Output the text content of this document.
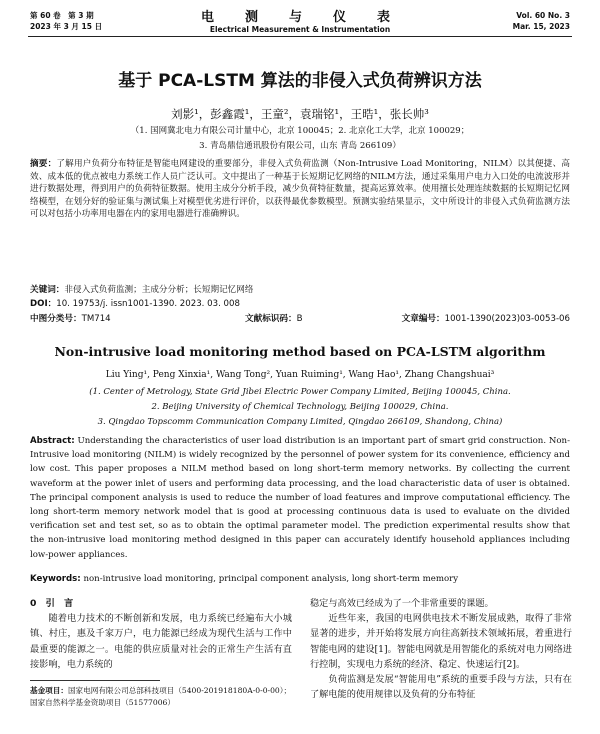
第 60 卷　第 3 期
2023 年 3 月 15 日
电　测　与　仪　表
Electrical Measurement & Instrumentation
Vol. 60 No. 3
Mar. 15, 2023
基于 PCA-LSTM 算法的非侵入式负荷辨识方法
刘影¹，彭鑫霞¹，王童²，袁瑞铭¹，王晧¹，张长帅³
（1. 国网冀北电力有限公司计量中心，北京 100045；2. 北京化工大学，北京 100029；
3. 青岛鼎信通讯股份有限公司，山东 青岛 266109）
摘要：了解用户负荷分布特征是智能电网建设的重要部分，非侵入式负荷监测（Non-Intrusive Load Monitoring，NILM）以其便捷、高效、成本低的优点被电力系统工作人员广泛认可。文中提出了一种基于长短期记忆网络的NILM方法，通过采集用户电力入口处的电流波形并进行数据处理，得到用户的负荷特征数据。使用主成分分析手段，减少负荷特征数量，提高运算效率。使用擅长处理连续数据的长短期记忆网络模型，在划分好的验证集与测试集上对模型优劣进行评价，以获得最优参数模型。预测实验结果显示，文中所设计的非侵入式负荷监测方法可以对包括小功率用电器在内的家用电器进行准确辨识。
关键词：非侵入式负荷监测；主成分分析；长短期记忆网络
DOI：10. 19753/j. issn1001-1390. 2023. 03. 008
中图分类号：TM714	文献标识码：B	文章编号：1001-1390(2023)03-0053-06
Non-intrusive load monitoring method based on PCA-LSTM algorithm
Liu Ying¹, Peng Xinxia¹, Wang Tong², Yuan Ruiming¹, Wang Hao¹, Zhang Changshuai³
(1. Center of Metrology, State Grid Jibei Electric Power Company Limited, Beijing 100045, China.
2. Beijing University of Chemical Technology, Beijing 100029, China.
3. Qingdao Topscomm Communication Company Limited, Qingdao 266109, Shandong, China)
Abstract: Understanding the characteristics of user load distribution is an important part of smart grid construction. Non-Intrusive load monitoring (NILM) is widely recognized by the personnel of power system for its convenience, efficiency and low cost. This paper proposes a NILM method based on long short-term memory networks. By collecting the current waveform at the power inlet of users and performing data processing, and the load characteristic data of user is obtained. The principal component analysis is used to reduce the number of load features and improve computational efficiency. The long short-term memory network model that is good at processing continuous data is used to evaluate on the divided verification set and test set, so as to obtain the optimal parameter model. The prediction experimental results show that the non-intrusive load monitoring method designed in this paper can accurately identify household appliances including low-power appliances.
Keywords: non-intrusive load monitoring, principal component analysis, long short-term memory
0　引　言

随着电力技术的不断创新和发展，电力系统已经遍布大小城镇、村庄，惠及千家万户，电力能源已经成为现代生活与工作中最重要的能源之一。电能的供应质量对社会的正常生产生活有直接影响，电力系统的

稳定与高效已经成为了一个非常重要的课题。

近些年来，我国的电网供电技术不断发展成熟，取得了非常显著的进步，并开始将发展方向往高新技术领域拓展，着重进行智能电网的建设[1]。智能电网就是用智能化的系统对电力网络进行控制，实现电力系统的经济、稳定、快速运行[2]。

负荷监测是发展“智能用电”系统的重要手段与方法，只有在了解电能的使用规律以及负荷的分布特征

基金项目：国家电网有限公司总部科技项目（5400-201918180A-0-0-00）；国家自然科学基金资助项目（51577006）
